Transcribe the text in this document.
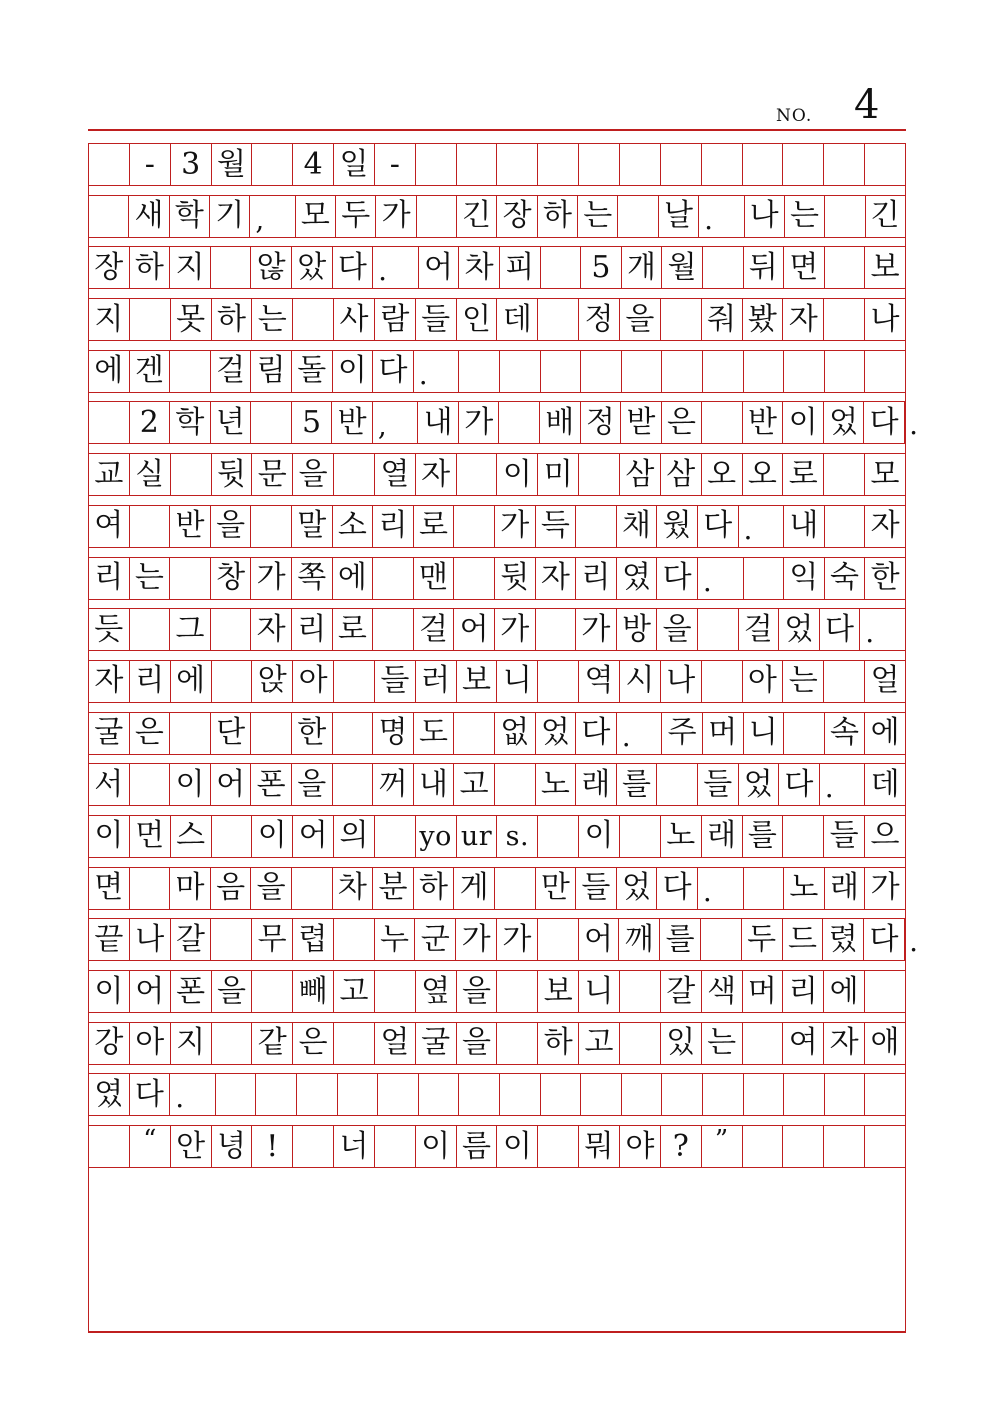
NO. 4
- 3 월	4 일 -
새 학 기 ,	모 두 가 긴 장 하 는 날 .	나 는 긴
장 하 지 않 았 다 .	어 차 피	5 개 월 뒤 면 보
지 못 하 는 사 람 들 인 데 정 을 줘 봤 자 나
에 겐 걸 림 돌 이 다 .
2 학 년	5 반 ,	내 가 배 정 받 은 반 이 었 다 .
교 실 뒷 문 을 열 자 이 미 삼 삼 오 오 로 모
여 반 을 말 소 리 로 가 득 채 웠 다 .	내 자
리 는 창 가 쪽 에 맨 뒷 자 리 였 다 .	익 숙 한
듯 그 자 리 로 걸 어 가 가 방 을 걸 었 다 .
자 리 에 앉 아 들 러 보 니 역 시 나 아 는 얼
굴 은 단 한 명 도 없 었 다 .	주 머 니 속 에
서 이 어 폰 을 꺼 내 고 노 래 를 들 었 다 .	데
이 먼 스 이 어 의 yo ur s.	이 노 래 를 들 으
면 마 음 을 차 분 하 게 만 들 었 다 .	노 래 가
끝 나 갈 무 렵 누 군 가 가 어 깨 를 두 드 렸 다 .
이 어 폰 을 빼 고 옆 을 보 니 갈 색 머 리 에
강 아 지 같 은 얼 굴 을 하 고 있 는 여 자 애
였 다 .
“ 안 녕 !	너 이 름 이 뭐 야 ?	”
